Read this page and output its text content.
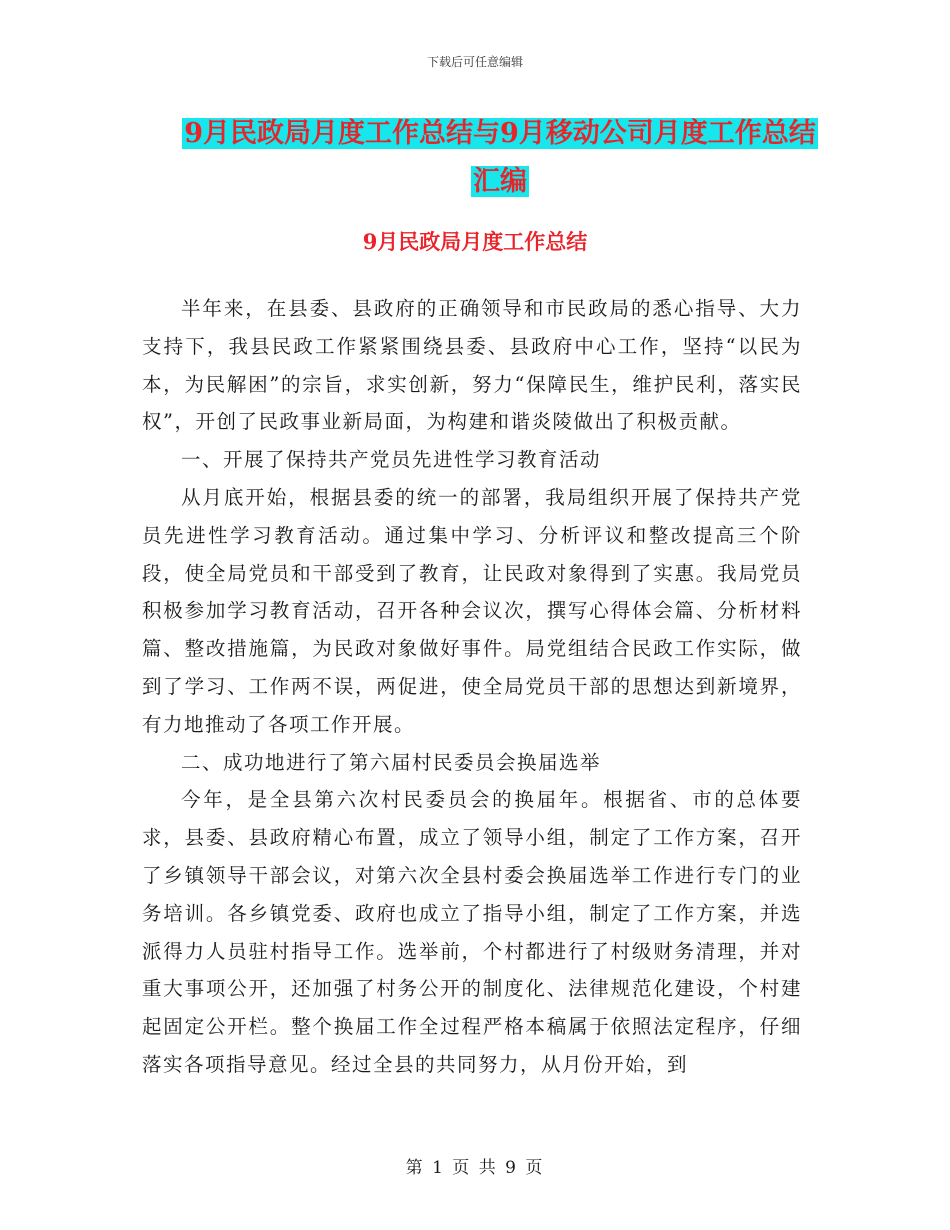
下载后可任意编辑
9月民政局月度工作总结与9月移动公司月度工作总结
汇编
9月民政局月度工作总结

半年来，在县委、县政府的正确领导和市民政局的悉心指导、大力支持下，我县民政工作紧紧围绕县委、县政府中心工作，坚持“以民为本，为民解困”的宗旨，求实创新，努力“保障民生，维护民利，落实民权”，开创了民政事业新局面，为构建和谐炎陵做出了积极贡献。

一、开展了保持共产党员先进性学习教育活动

从月底开始，根据县委的统一的部署，我局组织开展了保持共产党员先进性学习教育活动。通过集中学习、分析评议和整改提高三个阶段，使全局党员和干部受到了教育，让民政对象得到了实惠。我局党员积极参加学习教育活动，召开各种会议次，撰写心得体会篇、分析材料篇、整改措施篇，为民政对象做好事件。局党组结合民政工作实际，做到了学习、工作两不误，两促进，使全局党员干部的思想达到新境界，有力地推动了各项工作开展。

二、成功地进行了第六届村民委员会换届选举

今年，是全县第六次村民委员会的换届年。根据省、市的总体要求，县委、县政府精心布置，成立了领导小组，制定了工作方案，召开了乡镇领导干部会议，对第六次全县村委会换届选举工作进行专门的业务培训。各乡镇党委、政府也成立了指导小组，制定了工作方案，并选派得力人员驻村指导工作。选举前，个村都进行了村级财务清理，并对重大事项公开，还加强了村务公开的制度化、法律规范化建设，个村建起固定公开栏。整个换届工作全过程严格本稿属于依照法定程序，仔细落实各项指导意见。经过全县的共同努力，从月份开始，到

第 1 页 共 9 页
